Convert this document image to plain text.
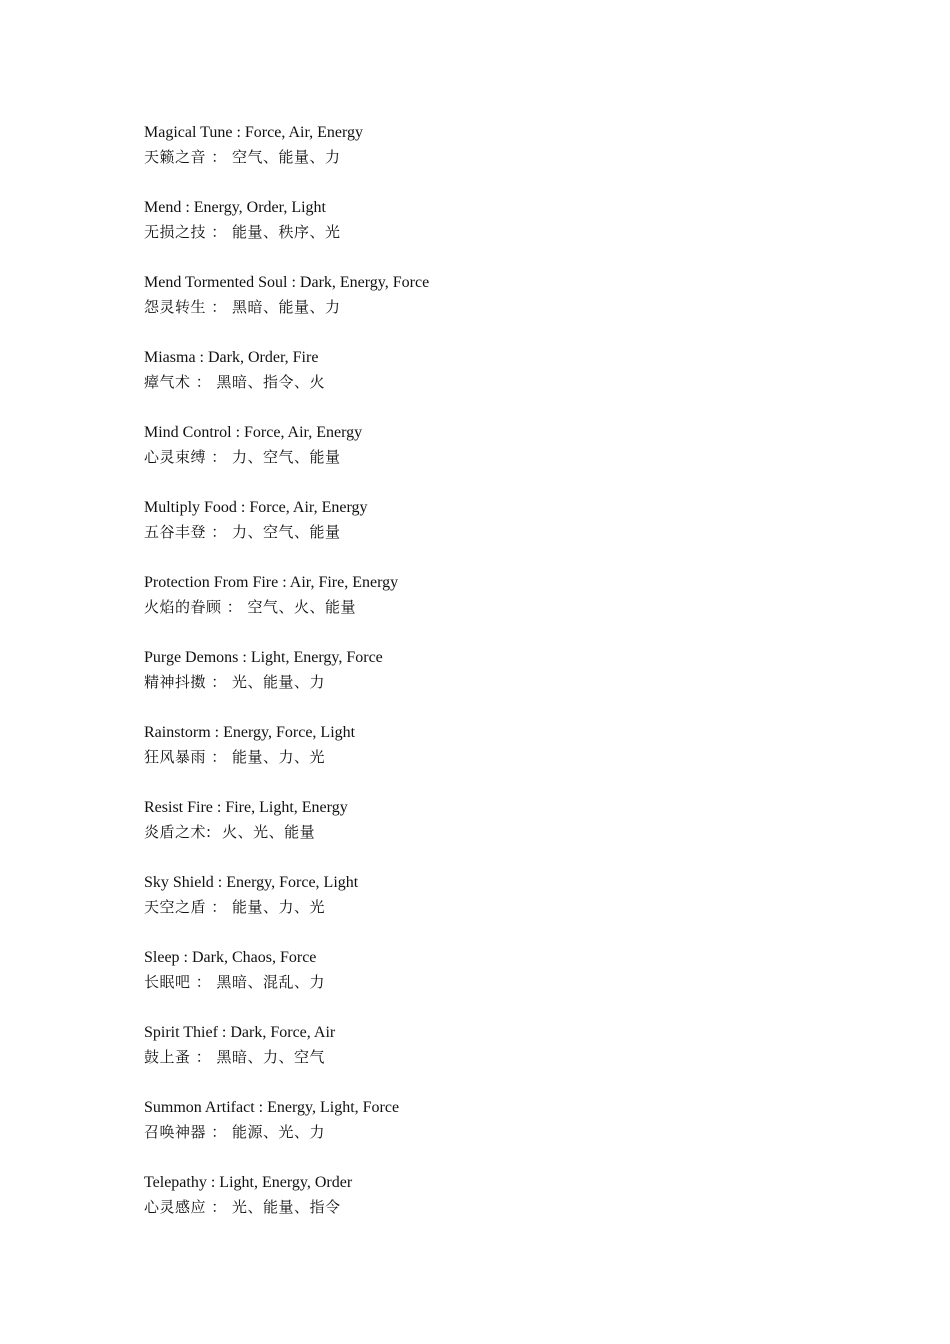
Magical Tune : Force, Air, Energy
天籁之音 ： 空气、能量、力
Mend : Energy, Order, Light
无损之技 ： 能量、秩序、光
Mend Tormented Soul : Dark, Energy, Force
怨灵转生 ： 黑暗、能量、力
Miasma : Dark, Order, Fire
瘴气术 ： 黑暗、指令、火
Mind Control : Force, Air, Energy
心灵束缚 ： 力、空气、能量
Multiply Food : Force, Air, Energy
五谷丰登 ： 力、空气、能量
Protection From Fire : Air, Fire, Energy
火焰的眷顾 ： 空气、火、能量
Purge Demons : Light, Energy, Force
精神抖擞 ： 光、能量、力
Rainstorm : Energy, Force, Light
狂风暴雨 ： 能量、力、光
Resist Fire : Fire, Light, Energy
炎盾之术:  火、光、能量
Sky Shield : Energy, Force, Light
天空之盾 ： 能量、力、光
Sleep : Dark, Chaos, Force
长眠吧 ： 黑暗、混乱、力
Spirit Thief : Dark, Force, Air
鼓上蚤 ： 黑暗、力、空气
Summon Artifact : Energy, Light, Force
召唤神器 ： 能源、光、力
Telepathy : Light, Energy, Order
心灵感应 ： 光、能量、指令
